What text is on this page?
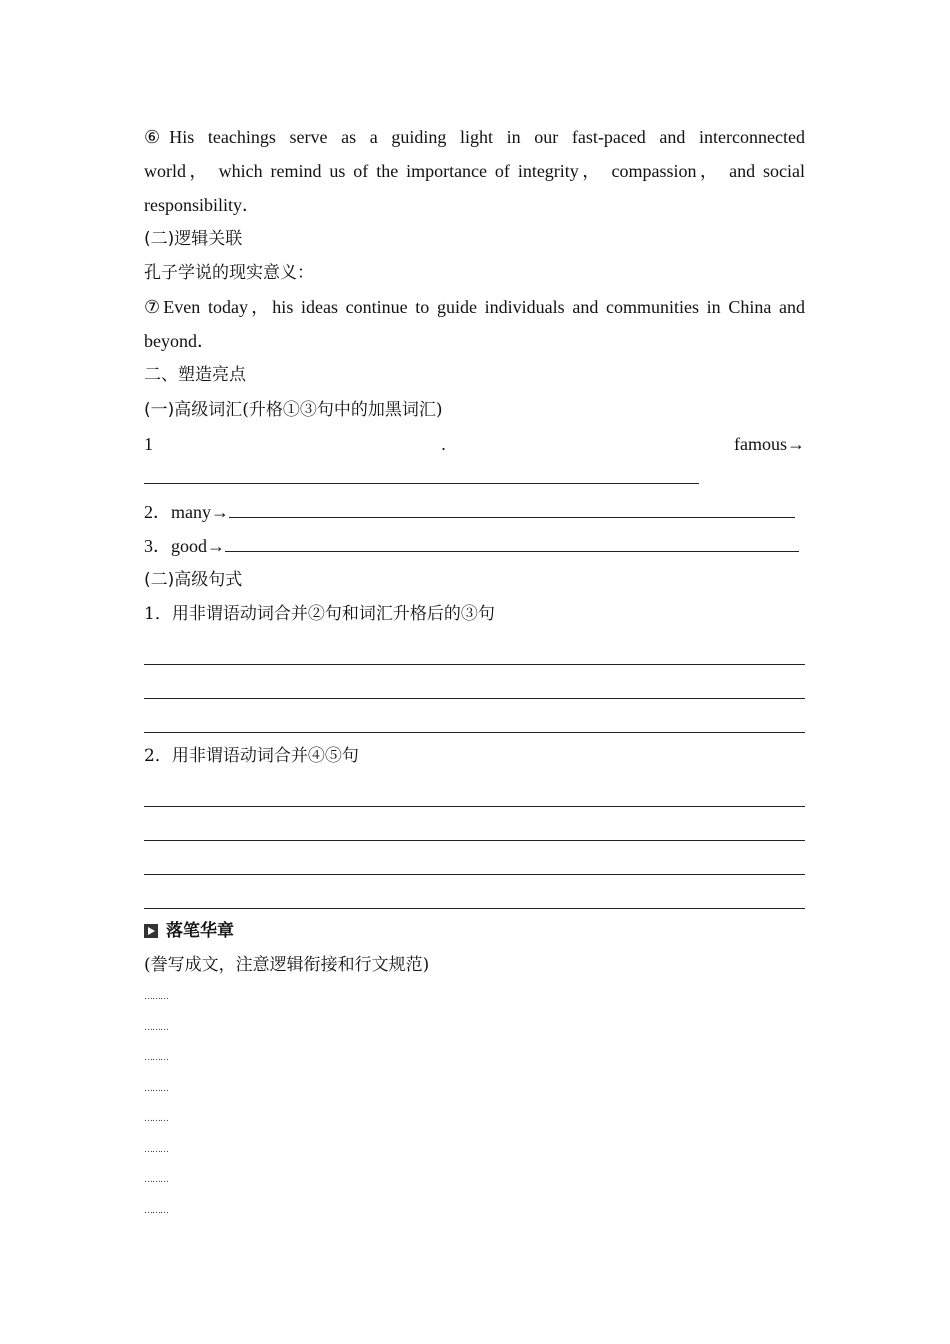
⑥His teachings serve as a guiding light in our fast-paced and interconnected
world， which remind us of the importance of integrity， compassion， and social
responsibility．
(二)逻辑关联
孔子学说的现实意义：
⑦Even today，his ideas continue to guide individuals and communities in China and
beyond．
二、塑造亮点
(一)高级词汇(升格①③句中的加黑词汇)
1	.	famous→
2．many→
3．good→
(二)高级句式
1．用非谓语动词合并②句和词汇升格后的③句
2．用非谓语动词合并④⑤句
落笔华章
(誊写成文，注意逻辑衔接和行文规范)
………
………
………
………
………
………
………
………
